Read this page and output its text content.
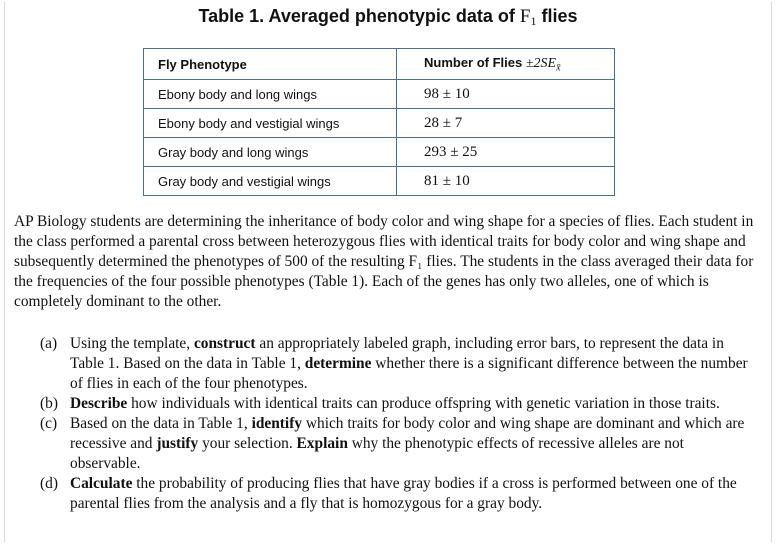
Table 1. Averaged phenotypic data of $F_1$ flies
Fly Phenotype	Number of Flies $\pm 2SE_{x̄}$
Ebony body and long wings	98 ± 10
Ebony body and vestigial wings	28 ± 7
Gray body and long wings	293 ± 25
Gray body and vestigial wings	81 ± 10
AP Biology students are determining the inheritance of body color and wing shape for a species of flies. Each student in the class performed a parental cross between heterozygous flies with identical traits for body color and wing shape and subsequently determined the phenotypes of 500 of the resulting F₁ flies. The students in the class averaged their data for the frequencies of the four possible phenotypes (Table 1). Each of the genes has only two alleles, one of which is completely dominant to the other.
(a) Using the template, construct an appropriately labeled graph, including error bars, to represent the data in Table 1. Based on the data in Table 1, determine whether there is a significant difference between the number of flies in each of the four phenotypes.
(b) Describe how individuals with identical traits can produce offspring with genetic variation in those traits.
(c) Based on the data in Table 1, identify which traits for body color and wing shape are dominant and which are recessive and justify your selection. Explain why the phenotypic effects of recessive alleles are not observable.
(d) Calculate the probability of producing flies that have gray bodies if a cross is performed between one of the parental flies from the analysis and a fly that is homozygous for a gray body.
